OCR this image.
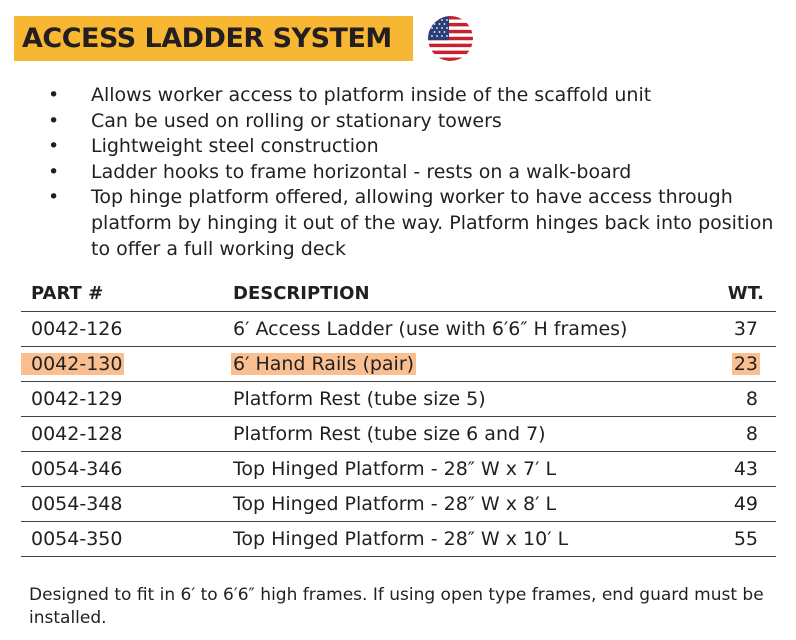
ACCESS LADDER SYSTEM
• Allows worker access to platform inside of the scaffold unit
• Can be used on rolling or stationary towers
• Lightweight steel construction
• Ladder hooks to frame horizontal - rests on a walk-board
• Top hinge platform offered, allowing worker to have access through platform by hinging it out of the way. Platform hinges back into position to offer a full working deck
PART #	DESCRIPTION	WT.
0042-126	6′ Access Ladder (use with 6′6″ H frames)	37
0042-130	6′ Hand Rails (pair)	23
0042-129	Platform Rest (tube size 5)	8
0042-128	Platform Rest (tube size 6 and 7)	8
0054-346	Top Hinged Platform - 28″ W x 7′ L	43
0054-348	Top Hinged Platform - 28″ W x 8′ L	49
0054-350	Top Hinged Platform - 28″ W x 10′ L	55
Designed to fit in 6′ to 6′6″ high frames. If using open type frames, end guard must be installed.
